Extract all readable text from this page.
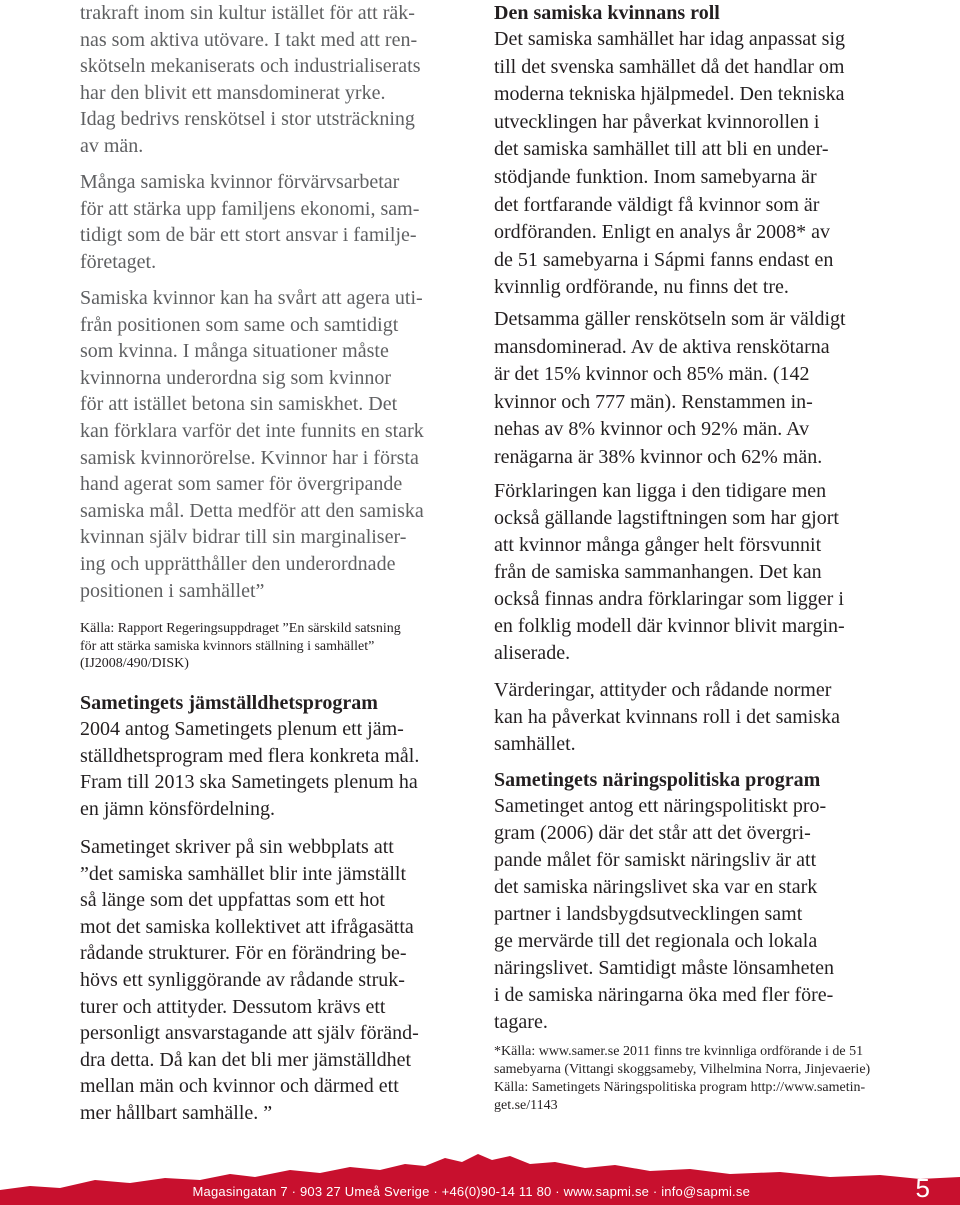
trakraft inom sin kultur istället för att räk-
nas som aktiva utövare. I takt med att ren-
skötseln mekaniserats och industrialiserats
har den blivit ett mansdominerat yrke.
Idag bedrivs renskötsel i stor utsträckning
av män.
Många samiska kvinnor förvärvsarbetar
för att stärka upp familjens ekonomi, sam-
tidigt som de bär ett stort ansvar i familje-
företaget.
Samiska kvinnor kan ha svårt att agera uti-
från positionen som same och samtidigt
som kvinna. I många situationer måste
kvinnorna underordna sig som kvinnor
för att istället betona sin samiskhet. Det
kan förklara varför det inte funnits en stark
samisk kvinnorörelse. Kvinnor har i första
hand agerat som samer för övergripande
samiska mål. Detta medför att den samiska
kvinnan själv bidrar till sin marginaliser-
ing och upprätthåller den underordnade
positionen i samhället”
Källa: Rapport Regeringsuppdraget ”En särskild satsning
för att stärka samiska kvinnors ställning i samhället”
(IJ2008/490/DISK)
Sametingets jämställdhetsprogram
2004 antog Sametingets plenum ett jäm-
ställdhetsprogram med flera konkreta mål.
Fram till 2013 ska Sametingets plenum ha
en jämn könsfördelning.
Sametinget skriver på sin webbplats att
”det samiska samhället blir inte jämställt
så länge som det uppfattas som ett hot
mot det samiska kollektivet att ifrågasätta
rådande strukturer. För en förändring be-
hövs ett synliggörande av rådande struk-
turer och attityder. Dessutom krävs ett
personligt ansvarstagande att själv föränd-
dra detta. Då kan det bli mer jämställdhet
mellan män och kvinnor och därmed ett
mer hållbart samhälle. ”
Den samiska kvinnans roll
Det samiska samhället har idag anpassat sig
till det svenska samhället då det handlar om
moderna tekniska hjälpmedel. Den tekniska
utvecklingen har påverkat kvinnorollen i
det samiska samhället till att bli en under-
stödjande funktion. Inom samebyarna är
det fortfarande väldigt få kvinnor som är
ordföranden. Enligt en analys år 2008* av
de 51 samebyarna i Sápmi fanns endast en
kvinnlig ordförande, nu finns det tre.
Detsamma gäller renskötseln som är väldigt
mansdominerad. Av de aktiva renskötarna
är det 15% kvinnor och 85% män. (142
kvinnor och 777 män). Renstammen in-
nehas av 8% kvinnor och 92% män. Av
renägarna är 38% kvinnor och 62% män.
Förklaringen kan ligga i den tidigare men
också gällande lagstiftningen som har gjort
att kvinnor många gånger helt försvunnit
från de samiska sammanhangen. Det kan
också finnas andra förklaringar som ligger i
en folklig modell där kvinnor blivit margin-
aliserade.
Värderingar, attityder och rådande normer
kan ha påverkat kvinnans roll i det samiska
samhället.
Sametingets näringspolitiska program
Sametinget antog ett näringspolitiskt pro-
gram (2006) där det står att det övergri-
pande målet för samiskt näringsliv är att
det samiska näringslivet ska var en stark
partner i landsbygdsutvecklingen samt
ge mervärde till det regionala och lokala
näringslivet. Samtidigt måste lönsamheten
i de samiska näringarna öka med fler före-
tagare.
*Källa: www.samer.se 2011 finns tre kvinnliga ordförande i de 51
samebyarna (Vittangi skoggsameby, Vilhelmina Norra, Jinjevaerie)
Källa: Sametingets Näringspolitiska program http://www.sametin-
get.se/1143
Magasingatan 7 · 903 27 Umeå Sverige · +46(0)90-14 11 80 · www.sapmi.se · info@sapmi.se	5
